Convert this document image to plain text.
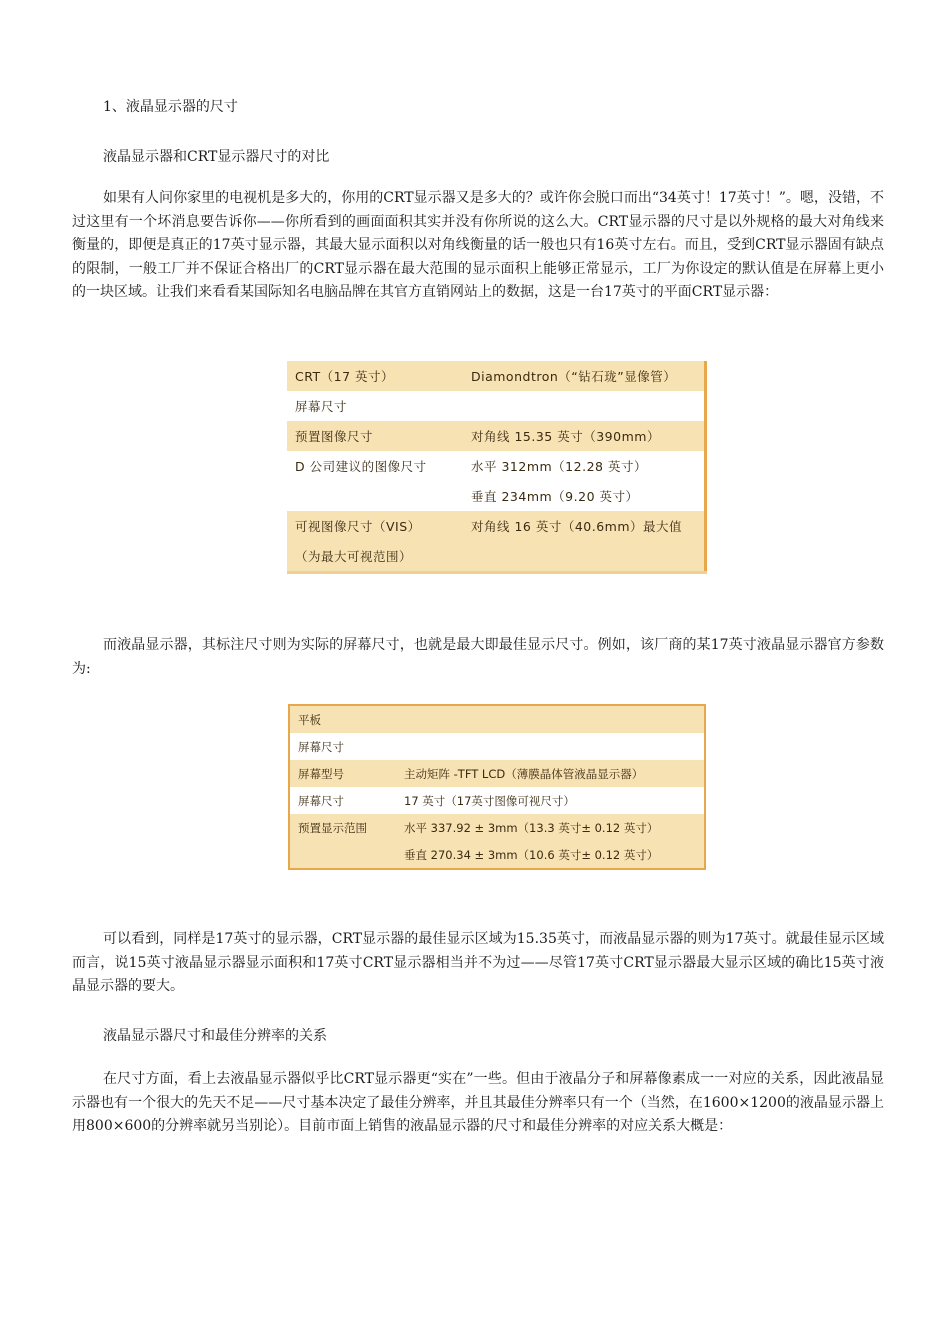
1、液晶显示器的尺寸

液晶显示器和CRT显示器尺寸的对比

如果有人问你家里的电视机是多大的，你用的CRT显示器又是多大的？或许你会脱口而出“34英寸！17英寸！”。嗯，没错，不过这里有一个坏消息要告诉你——你所看到的画面面积其实并没有你所说的这么大。CRT显示器的尺寸是以外规格的最大对角线来衡量的，即便是真正的17英寸显示器，其最大显示面积以对角线衡量的话一般也只有16英寸左右。而且，受到CRT显示器固有缺点的限制，一般工厂并不保证合格出厂的CRT显示器在最大范围的显示面积上能够正常显示，工厂为你设定的默认值是在屏幕上更小的一块区域。让我们来看看某国际知名电脑品牌在其官方直销网站上的数据，这是一台17英寸的平面CRT显示器：

CRT（17 英寸）	Diamondtron（“钻石珑”显像管）
屏幕尺寸	
预置图像尺寸	对角线 15.35 英寸（390mm）
D 公司建议的图像尺寸	水平 312mm（12.28 英寸）
	垂直 234mm（9.20 英寸）
可视图像尺寸（VIS）	对角线 16 英寸（40.6mm）最大值
（为最大可视范围）	

而液晶显示器，其标注尺寸则为实际的屏幕尺寸，也就是最大即最佳显示尺寸。例如，该厂商的某17英寸液晶显示器官方参数为:

平板	
屏幕尺寸	
屏幕型号	主动矩阵 -TFT LCD（薄膜晶体管液晶显示器）
屏幕尺寸	17 英寸（17英寸图像可视尺寸）
预置显示范围	水平 337.92 ± 3mm（13.3 英寸± 0.12 英寸）
	垂直 270.34 ± 3mm（10.6 英寸± 0.12 英寸）

可以看到，同样是17英寸的显示器，CRT显示器的最佳显示区域为15.35英寸，而液晶显示器的则为17英寸。就最佳显示区域而言，说15英寸液晶显示器显示面积和17英寸CRT显示器相当并不为过——尽管17英寸CRT显示器最大显示区域的确比15英寸液晶显示器的要大。

液晶显示器尺寸和最佳分辨率的关系

在尺寸方面，看上去液晶显示器似乎比CRT显示器更“实在”一些。但由于液晶分子和屏幕像素成一一对应的关系，因此液晶显示器也有一个很大的先天不足——尺寸基本决定了最佳分辨率，并且其最佳分辨率只有一个（当然，在1600×1200的液晶显示器上用800×600的分辨率就另当别论）。目前市面上销售的液晶显示器的尺寸和最佳分辨率的对应关系大概是：
